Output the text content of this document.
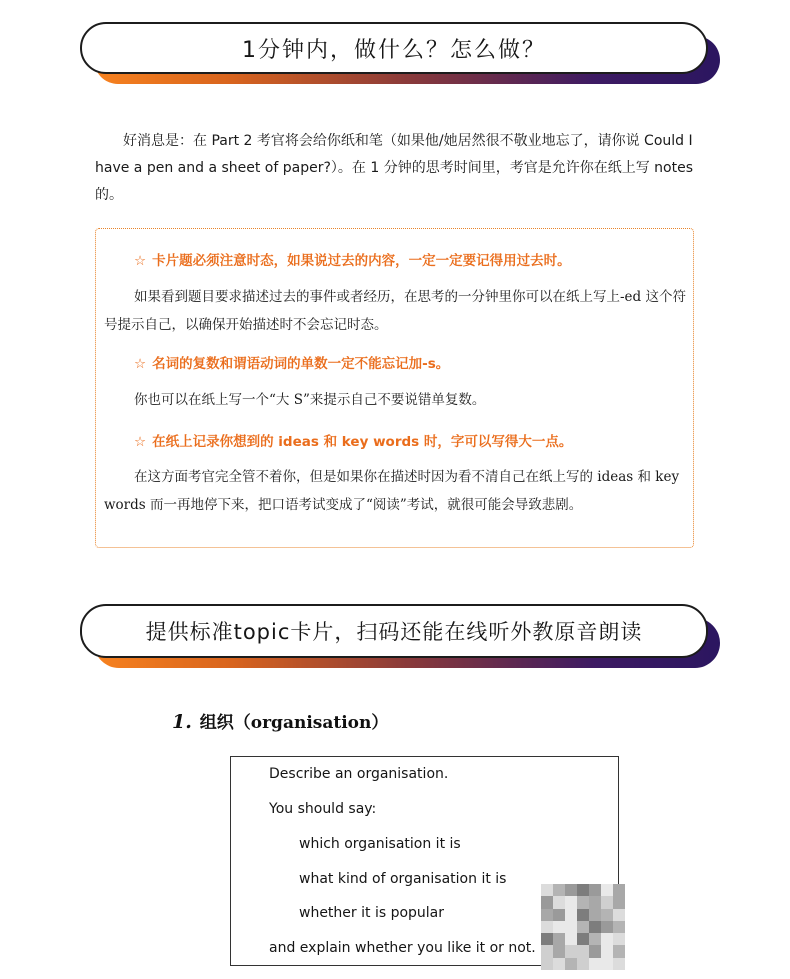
1分钟内，做什么？怎么做？

好消息是：在 Part 2 考官将会给你纸和笔（如果他/她居然很不敬业地忘了，请你说 Could I have a pen and a sheet of paper?）。在 1 分钟的思考时间里，考官是允许你在纸上写 notes 的。

☆ 卡片题必须注意时态，如果说过去的内容，一定一定要记得用过去时。

如果看到题目要求描述过去的事件或者经历，在思考的一分钟里你可以在纸上写上-ed 这个符号提示自己，以确保开始描述时不会忘记时态。

☆ 名词的复数和谓语动词的单数一定不能忘记加-s。

你也可以在纸上写一个“大 S”来提示自己不要说错单复数。

☆ 在纸上记录你想到的 ideas 和 key words 时，字可以写得大一点。

在这方面考官完全管不着你，但是如果你在描述时因为看不清自己在纸上写的 ideas 和 key words 而一再地停下来，把口语考试变成了“阅读”考试，就很可能会导致悲剧。

提供标准topic卡片，扫码还能在线听外教原音朗读
1. 组织（organisation）
Describe an organisation.
You should say:
which organisation it is
what kind of organisation it is
whether it is popular
and explain whether you like it or not.
